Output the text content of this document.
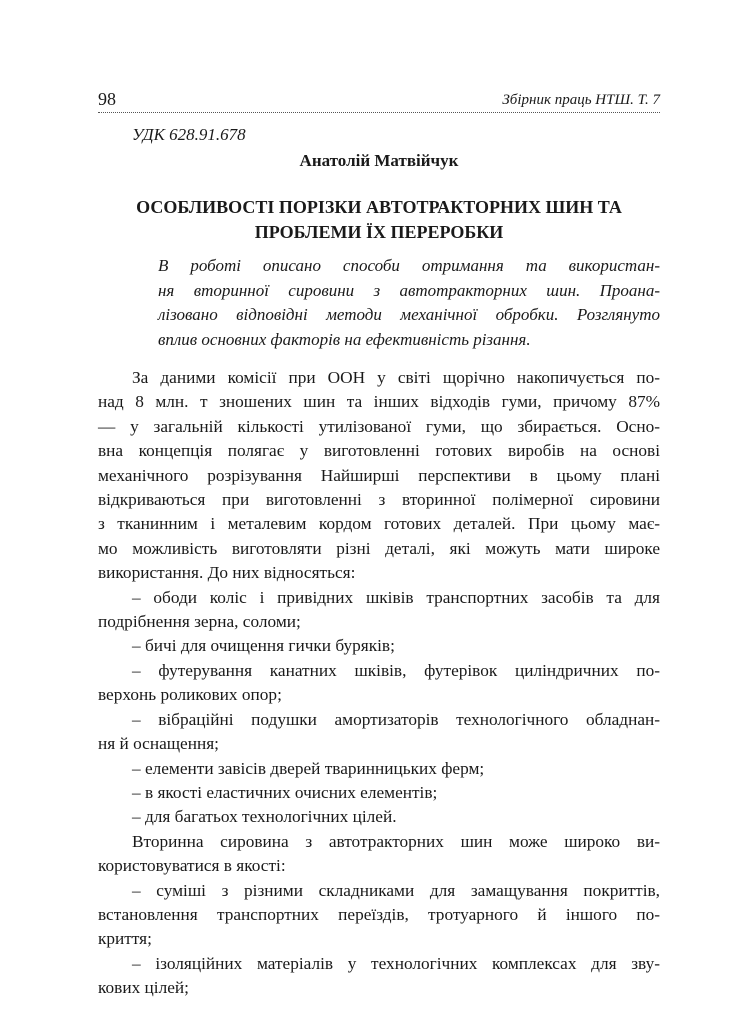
98	Збірник праць НТШ. Т. 7
УДК 628.91.678
Анатолій Матвійчук
ОСОБЛИВОСТІ ПОРІЗКИ АВТОТРАКТОРНИХ ШИН ТА
ПРОБЛЕМИ ЇХ ПЕРЕРОБКИ
В роботі описано способи отримання та використан-
ня вторинної сировини з автотракторних шин. Проана-
лізовано відповідні методи механічної обробки. Розглянуто
вплив основних факторів на ефективність різання.
За даними комісії при ООН у світі щорічно накопичується по-
над 8 млн. т зношених шин та інших відходів гуми, причому 87%
— у загальній кількості утилізованої гуми, що збирається. Осно-
вна концепція полягає у виготовленні готових виробів на основі
механічного розрізування Найширші перспективи в цьому плані
відкриваються при виготовленні з вторинної полімерної сировини
з тканинним і металевим кордом готових деталей. При цьому має-
мо можливість виготовляти різні деталі, які можуть мати широке
використання. До них відносяться:
– ободи коліс і привідних шківів транспортних засобів та для
подрібнення зерна, соломи;
– бичі для очищення гички буряків;
– футерування канатних шківів, футерівок циліндричних по-
верхонь роликових опор;
– вібраційні подушки амортизаторів технологічного обладнан-
ня й оснащення;
– елементи завісів дверей тваринницьких ферм;
– в якості еластичних очисних елементів;
– для багатьох технологічних цілей.
Вторинна сировина з автотракторних шин може широко ви-
користовуватися в якості:
– суміші з різними складниками для замащування покриттів,
встановлення транспортних переїздів, тротуарного й іншого по-
криття;
– ізоляційних матеріалів у технологічних комплексах для зву-
кових цілей;
